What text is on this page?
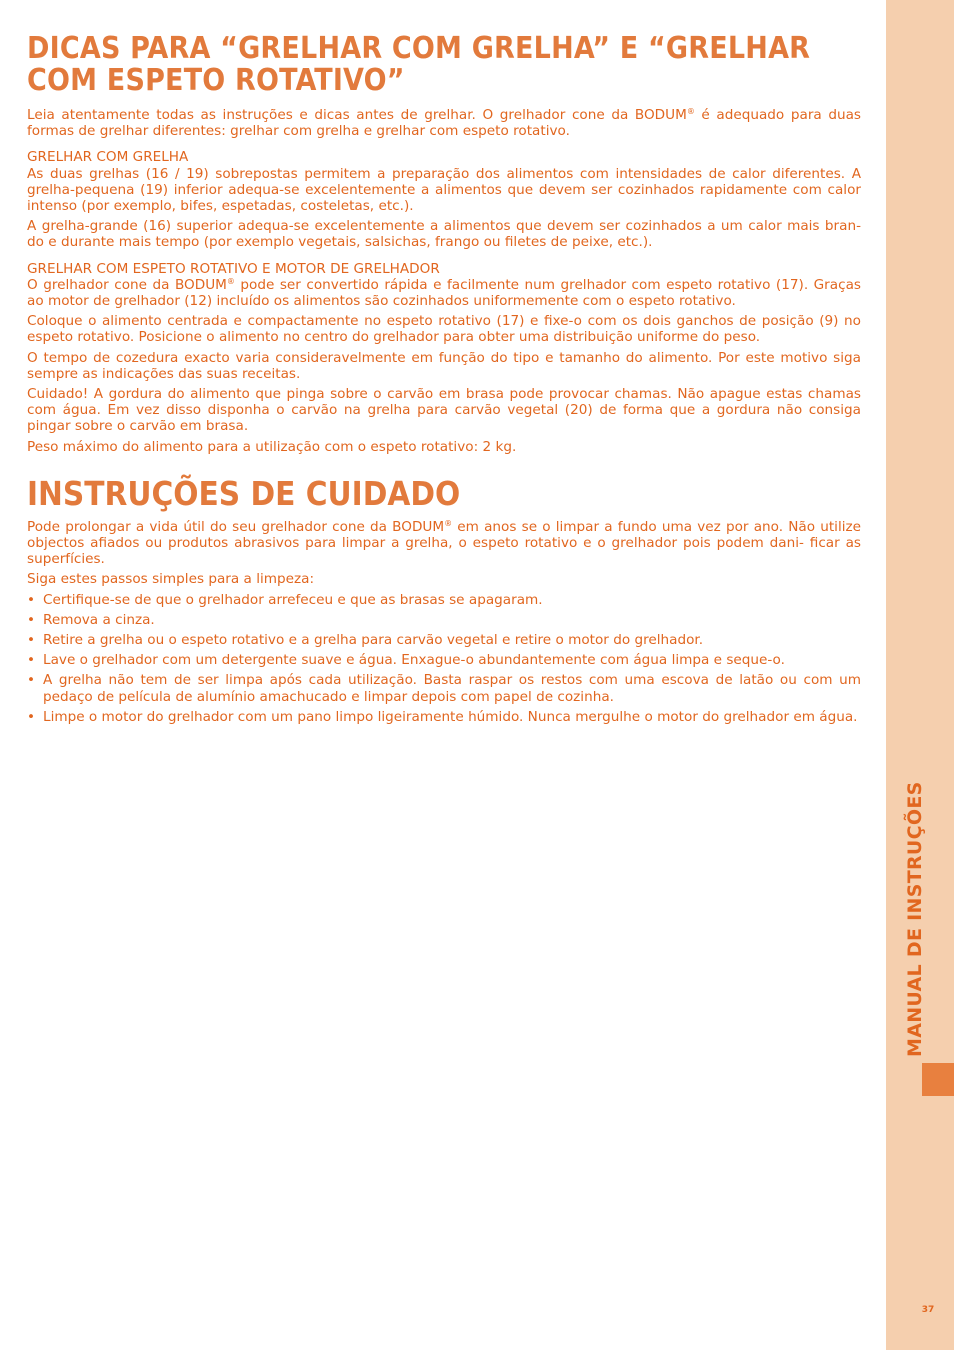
MANUAL DE INSTRUÇÕES
37
DICAS PARA “GRELHAR COM GRELHA” E “GRELHAR COM ESPETO ROTATIVO”

Leia atentamente todas as instruções e dicas antes de grelhar. O grelhador cone da BODUM® é adequado para duas formas de grelhar diferentes: grelhar com grelha e grelhar com espeto rotativo.

GRELHAR COM GRELHA

As duas grelhas (16 / 19) sobrepostas permitem a preparação dos alimentos com intensidades de calor diferentes. A grelha-pequena (19) inferior adequa-se excelentemente a alimentos que devem ser cozinhados rapidamente com calor intenso (por exemplo, bifes, espetadas, costeletas, etc.).

A grelha-grande (16) superior adequa-se excelentemente a alimentos que devem ser cozinhados a um calor mais bran- do e durante mais tempo (por exemplo vegetais, salsichas, frango ou filetes de peixe, etc.).

GRELHAR COM ESPETO ROTATIVO E MOTOR DE GRELHADOR

O grelhador cone da BODUM® pode ser convertido rápida e facilmente num grelhador com espeto rotativo (17). Graças ao motor de grelhador (12) incluído os alimentos são cozinhados uniformemente com o espeto rotativo.

Coloque o alimento centrada e compactamente no espeto rotativo (17) e fixe-o com os dois ganchos de posição (9) no espeto rotativo. Posicione o alimento no centro do grelhador para obter uma distribuição uniforme do peso.

O tempo de cozedura exacto varia consideravelmente em função do tipo e tamanho do alimento. Por este motivo siga sempre as indicações das suas receitas.

Cuidado! A gordura do alimento que pinga sobre o carvão em brasa pode provocar chamas. Não apague estas chamas com água. Em vez disso disponha o carvão na grelha para carvão vegetal (20) de forma que a gordura não consiga pingar sobre o carvão em brasa.

Peso máximo do alimento para a utilização com o espeto rotativo: 2 kg.

INSTRUÇÕES DE CUIDADO

Pode prolongar a vida útil do seu grelhador cone da BODUM® em anos se o limpar a fundo uma vez por ano. Não utilize objectos afiados ou produtos abrasivos para limpar a grelha, o espeto rotativo e o grelhador pois podem dani- ficar as superfícies.

Siga estes passos simples para a limpeza:

• Certifique-se de que o grelhador arrefeceu e que as brasas se apagaram.
• Remova a cinza.
• Retire a grelha ou o espeto rotativo e a grelha para carvão vegetal e retire o motor do grelhador.
• Lave o grelhador com um detergente suave e água. Enxague-o abundantemente com água limpa e seque-o.
• A grelha não tem de ser limpa após cada utilização. Basta raspar os restos com uma escova de latão ou com um pedaço de película de alumínio amachucado e limpar depois com papel de cozinha.
• Limpe o motor do grelhador com um pano limpo ligeiramente húmido. Nunca mergulhe o motor do grelhador em água.
